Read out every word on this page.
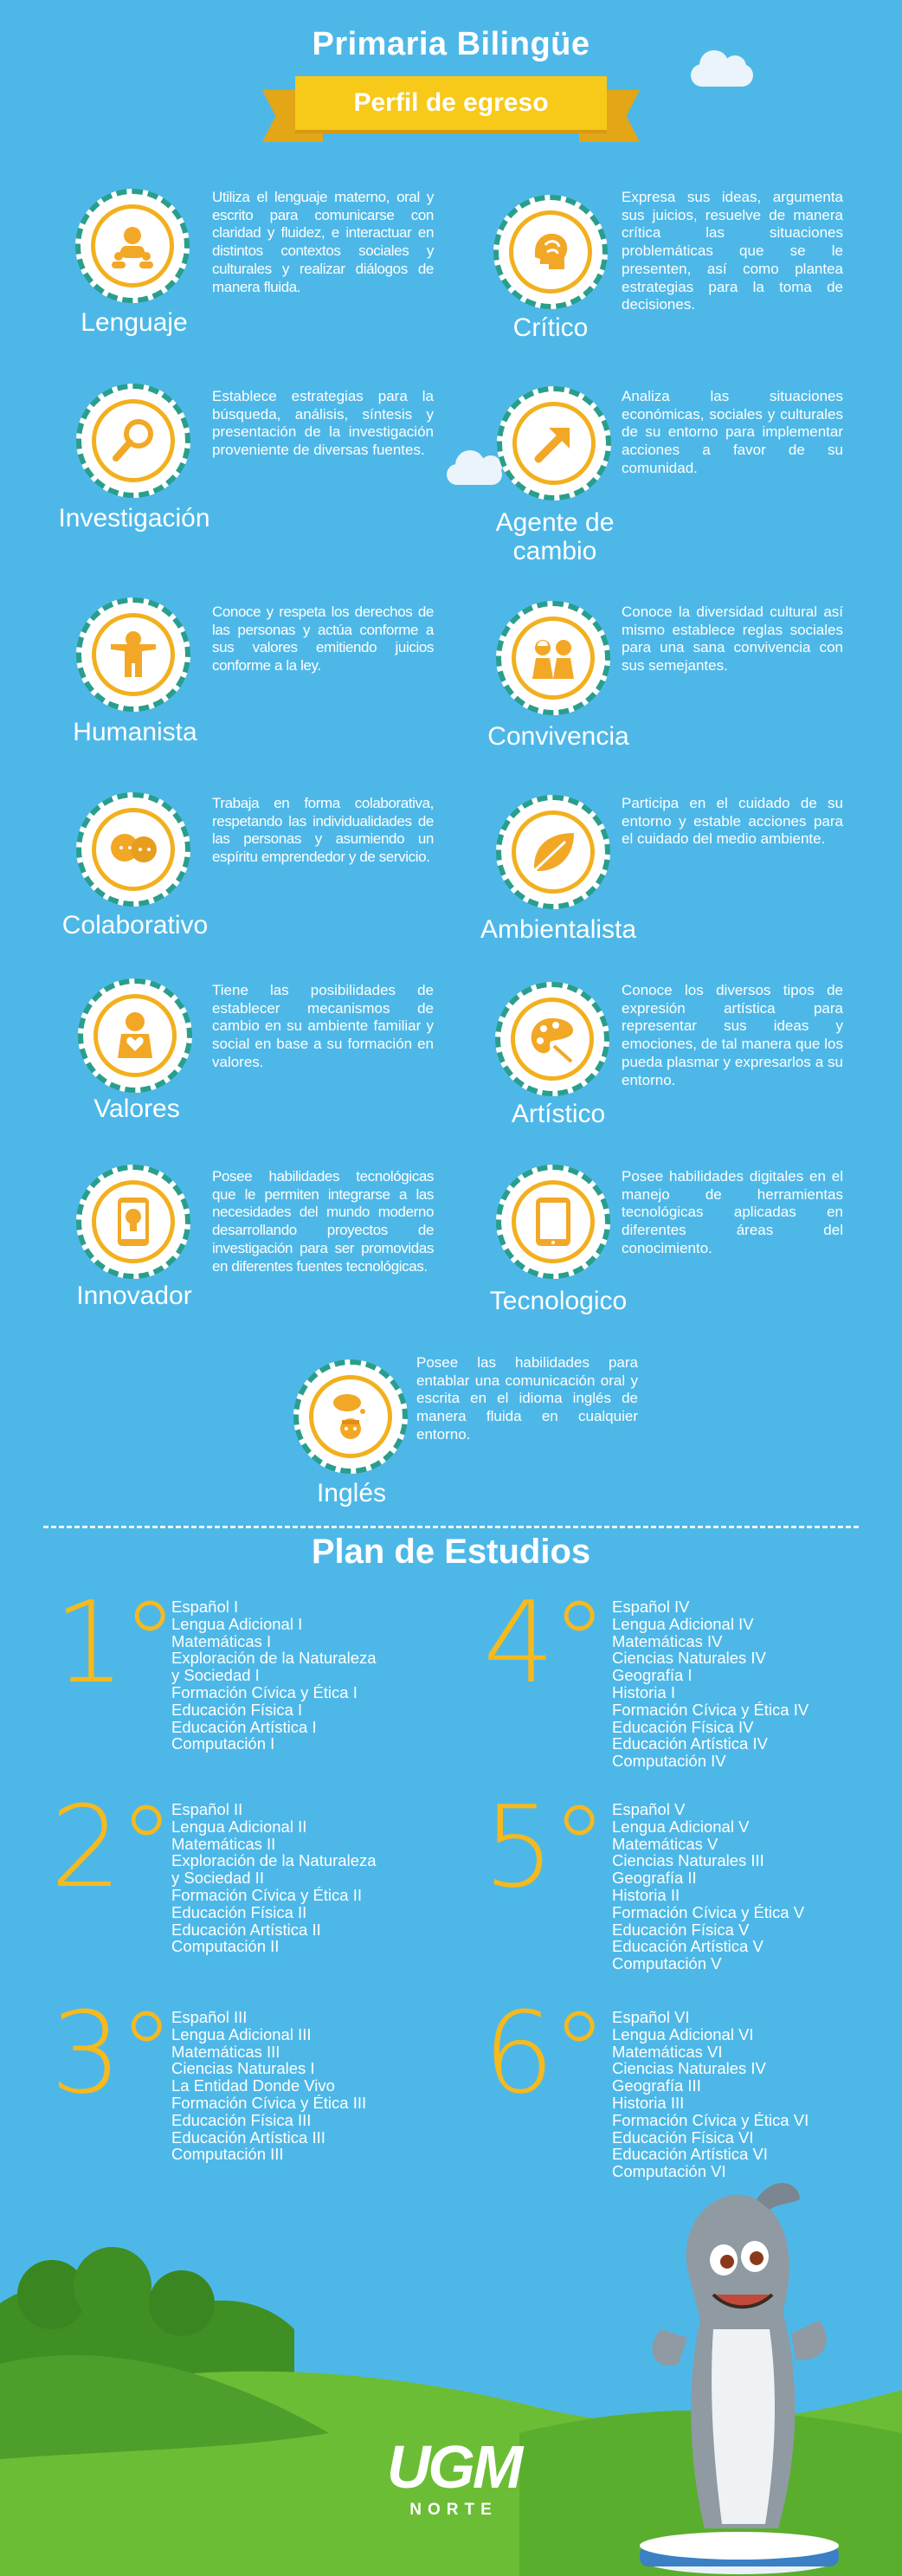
Primaria Bilingüe
Perfil de egreso
Lenguaje
Utiliza el lenguaje materno, oral y escrito para comunicarse con claridad y fluidez, e interactuar en distintos contextos sociales y culturales y realizar diálogos de manera fluida.
Crítico
Expresa sus ideas, argumenta sus juicios, resuelve de manera crítica las situaciones problemáticas que se le presenten, así como plantea estrategias para la toma de decisiones.
Investigación
Establece estrategias para la búsqueda, análisis, síntesis y presentación de la investigación proveniente de diversas fuentes.
Agente de cambio
Analiza las situaciones económicas, sociales y culturales de su entorno para implementar acciones a favor de su comunidad.
Humanista
Conoce y respeta los derechos de las personas y actúa conforme a sus valores emitiendo juicios conforme a la ley.
Convivencia
Conoce la diversidad cultural así mismo establece reglas sociales para una sana convivencia con sus semejantes.
Colaborativo
Trabaja en forma colaborativa, respetando las individualidades de las personas y asumiendo un espíritu emprendedor y de servicio.
Ambientalista
Participa en el cuidado de su entorno y estable acciones para el cuidado del medio ambiente.
Valores
Tiene las posibilidades de establecer mecanismos de cambio en su ambiente familiar y social en base a su formación en valores.
Artístico
Conoce los diversos tipos de expresión artística para representar sus ideas y emociones, de tal manera que los pueda plasmar y expresarlos a su entorno.
Innovador
Posee habilidades tecnológicas que le permiten integrarse a las necesidades del mundo moderno desarrollando proyectos de investigación para ser promovidas en diferentes fuentes tecnológicas.
Tecnologico
Posee habilidades digitales en el manejo de herramientas tecnológicas aplicadas en diferentes áreas del conocimiento.
Inglés
Posee las habilidades para entablar una comunicación oral y escrita en el idioma inglés de manera fluida en cualquier entorno.
Plan de Estudios
1°
Español I
Lengua Adicional I
Matemáticas I
Exploración de la Naturaleza
y Sociedad I
Formación Cívica y Ética I
Educación Física I
Educación Artística I
Computación I
2° Español II
Lengua Adicional II
Matemáticas II
Exploración de la Naturaleza
y Sociedad II
Formación Cívica y Ética II
Educación Física II
Educación Artística II
Computación II
3° Español III
Lengua Adicional III
Matemáticas III
Ciencias Naturales I
La Entidad Donde Vivo
Formación Cívica y Ética III
Educación Física III
Educación Artística III
Computación III
4° Español IV
Lengua Adicional IV
Matemáticas IV
Ciencias Naturales IV
Geografía I
Historia I
Formación Cívica y Ética IV
Educación Física IV
Educación Artística IV
Computación IV
5° Español V
Lengua Adicional V
Matemáticas V
Ciencias Naturales III
Geografía II
Historia II
Formación Cívica y Ética V
Educación Física V
Educación Artística V
Computación V
6° Español VI
Lengua Adicional VI
Matemáticas VI
Ciencias Naturales IV
Geografía III
Historia III
Formación Cívica y Ética VI
Educación Física VI
Educación Artística VI
Computación VI
UGM
NORTE
